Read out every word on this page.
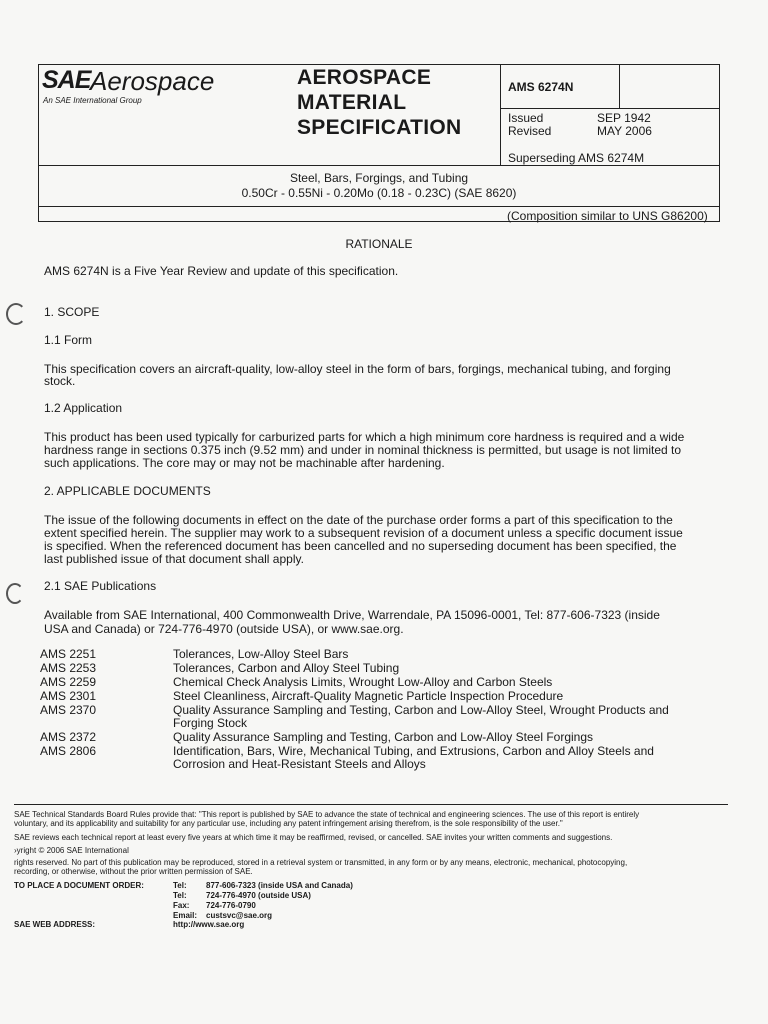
SAE Aerospace
An SAE International Group
AEROSPACE
MATERIAL
SPECIFICATION
AMS 6274N
Issued	SEP 1942
Revised	MAY 2006
Superseding AMS 6274M
Steel, Bars, Forgings, and Tubing
0.50Cr - 0.55Ni - 0.20Mo (0.18 - 0.23C) (SAE 8620)
(Composition similar to UNS G86200)
RATIONALE
AMS 6274N is a Five Year Review and update of this specification.
1. SCOPE
1.1 Form
This specification covers an aircraft-quality, low-alloy steel in the form of bars, forgings, mechanical tubing, and forging
stock.
1.2 Application
This product has been used typically for carburized parts for which a high minimum core hardness is required and a wide
hardness range in sections 0.375 inch (9.52 mm) and under in nominal thickness is permitted, but usage is not limited to
such applications. The core may or may not be machinable after hardening.
2. APPLICABLE DOCUMENTS
The issue of the following documents in effect on the date of the purchase order forms a part of this specification to the
extent specified herein. The supplier may work to a subsequent revision of a document unless a specific document issue
is specified. When the referenced document has been cancelled and no superseding document has been specified, the
last published issue of that document shall apply.
2.1 SAE Publications
Available from SAE International, 400 Commonwealth Drive, Warrendale, PA 15096-0001, Tel: 877-606-7323 (inside
USA and Canada) or 724-776-4970 (outside USA), or www.sae.org.
AMS 2251	Tolerances, Low-Alloy Steel Bars
AMS 2253	Tolerances, Carbon and Alloy Steel Tubing
AMS 2259	Chemical Check Analysis Limits, Wrought Low-Alloy and Carbon Steels
AMS 2301	Steel Cleanliness, Aircraft-Quality Magnetic Particle Inspection Procedure
AMS 2370	Quality Assurance Sampling and Testing, Carbon and Low-Alloy Steel, Wrought Products and
Forging Stock
AMS 2372	Quality Assurance Sampling and Testing, Carbon and Low-Alloy Steel Forgings
AMS 2806	Identification, Bars, Wire, Mechanical Tubing, and Extrusions, Carbon and Alloy Steels and
Corrosion and Heat-Resistant Steels and Alloys
SAE Technical Standards Board Rules provide that: "This report is published by SAE to advance the state of technical and engineering sciences. The use of this report is entirely
voluntary, and its applicability and suitability for any particular use, including any patent infringement arising therefrom, is the sole responsibility of the user."
SAE reviews each technical report at least every five years at which time it may be reaffirmed, revised, or cancelled. SAE invites your written comments and suggestions.
›yright © 2006 SAE International
rights reserved. No part of this publication may be reproduced, stored in a retrieval system or transmitted, in any form or by any means, electronic, mechanical, photocopying,
recording, or otherwise, without the prior written permission of SAE.
TO PLACE A DOCUMENT ORDER:	Tel: 877-606-7323 (inside USA and Canada)
Tel: 724-776-4970 (outside USA)
Fax: 724-776-0790
Email: custsvc@sae.org
SAE WEB ADDRESS:	http://www.sae.org
